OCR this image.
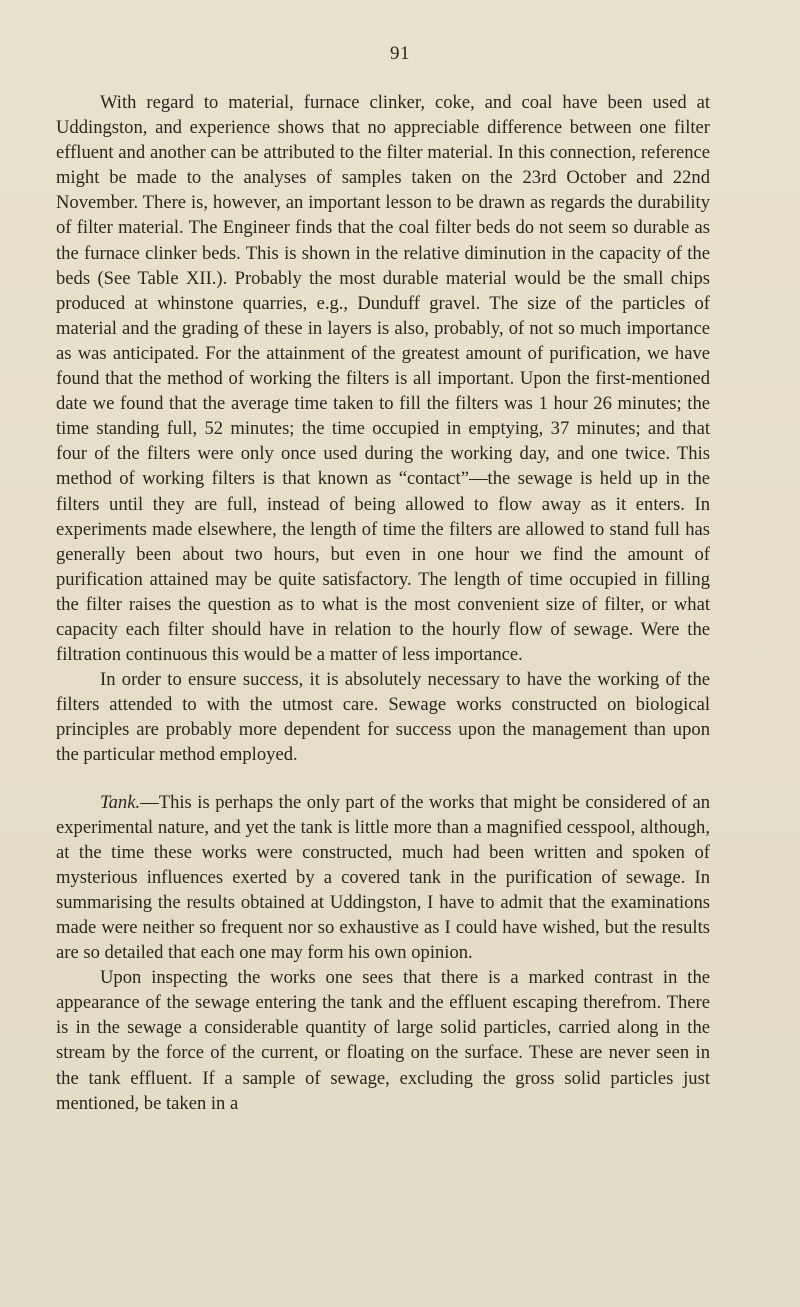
91

With regard to material, furnace clinker, coke, and coal have been used at Uddingston, and experience shows that no appreciable difference between one filter effluent and another can be attributed to the filter material. In this connection, reference might be made to the analyses of samples taken on the 23rd October and 22nd November. There is, however, an important lesson to be drawn as regards the durability of filter material. The Engineer finds that the coal filter beds do not seem so durable as the furnace clinker beds. This is shown in the relative diminution in the capacity of the beds (See Table XII.). Probably the most durable material would be the small chips produced at whinstone quarries, e.g., Dunduff gravel. The size of the particles of material and the grading of these in layers is also, probably, of not so much importance as was anticipated. For the attainment of the greatest amount of purification, we have found that the method of working the filters is all important. Upon the first-mentioned date we found that the average time taken to fill the filters was 1 hour 26 minutes; the time standing full, 52 minutes; the time occupied in emptying, 37 minutes; and that four of the filters were only once used during the working day, and one twice. This method of working filters is that known as “contact”—the sewage is held up in the filters until they are full, instead of being allowed to flow away as it enters. In experiments made elsewhere, the length of time the filters are allowed to stand full has generally been about two hours, but even in one hour we find the amount of purification attained may be quite satisfactory. The length of time occupied in filling the filter raises the question as to what is the most convenient size of filter, or what capacity each filter should have in relation to the hourly flow of sewage. Were the filtration continuous this would be a matter of less importance.

In order to ensure success, it is absolutely necessary to have the working of the filters attended to with the utmost care. Sewage works constructed on biological principles are probably more dependent for success upon the management than upon the particular method employed.

Tank.—This is perhaps the only part of the works that might be considered of an experimental nature, and yet the tank is little more than a magnified cesspool, although, at the time these works were constructed, much had been written and spoken of mysterious influences exerted by a covered tank in the purification of sewage. In summarising the results obtained at Uddingston, I have to admit that the examinations made were neither so frequent nor so exhaustive as I could have wished, but the results are so detailed that each one may form his own opinion.

Upon inspecting the works one sees that there is a marked contrast in the appearance of the sewage entering the tank and the effluent escaping therefrom. There is in the sewage a considerable quantity of large solid particles, carried along in the stream by the force of the current, or floating on the surface. These are never seen in the tank effluent. If a sample of sewage, excluding the gross solid particles just mentioned, be taken in a
